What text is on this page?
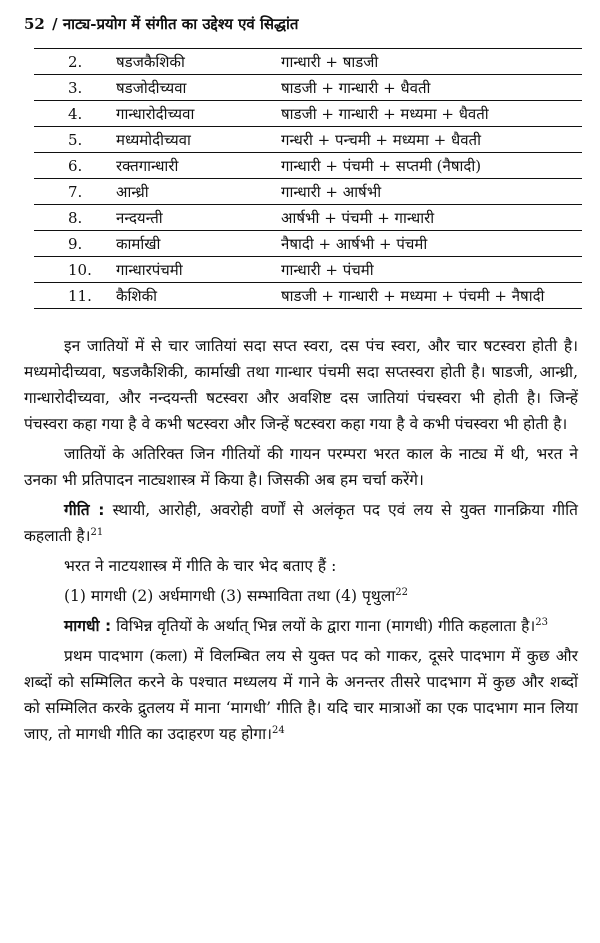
52 / नाट्य-प्रयोग में संगीत का उद्देश्य एवं सिद्धांत
2.	षडजकैशिकी	गान्धारी + षाडजी
3.	षडजोदीच्यवा	षाडजी + गान्धारी + धैवती
4.	गान्धारोदीच्यवा	षाडजी + गान्धारी + मध्यमा + धैवती
5.	मध्यमोदीच्यवा	गन्धरी + पन्चमी + मध्यमा + धैवती
6.	रक्तगान्धारी	गान्धारी + पंचमी + सप्तमी (नैषादी)
7.	आन्ध्री	गान्धारी + आर्षभी
8.	नन्दयन्ती	आर्षभी + पंचमी + गान्धारी
9.	कार्माखी	नैषादी + आर्षभी + पंचमी
10.	गान्धारपंचमी	गान्धारी + पंचमी
11.	कैशिकी	षाडजी + गान्धारी + मध्यमा + पंचमी + नैषादी

इन जातियों में से चार जातियां सदा सप्त स्वरा, दस पंच स्वरा, और चार षटस्वरा होती है। मध्यमोदीच्यवा, षडजकैशिकी, कार्माखी तथा गान्धार पंचमी सदा सप्तस्वरा होती है। षाडजी, आन्ध्री, गान्धारोदीच्यवा, और नन्दयन्ती षटस्वरा और अवशिष्ट दस जातियां पंचस्वरा भी होती है। जिन्हें पंचस्वरा कहा गया है वे कभी षटस्वरा और जिन्हें षटस्वरा कहा गया है वे कभी पंचस्वरा भी होती है।

जातियों के अतिरिक्त जिन गीतियों की गायन परम्परा भरत काल के नाट्य में थी, भरत ने उनका भी प्रतिपादन नाट्यशास्त्र में किया है। जिसकी अब हम चर्चा करेंगे।

गीति : स्थायी, आरोही, अवरोही वर्णों से अलंकृत पद एवं लय से युक्त गानक्रिया गीति कहलाती है।$^{21}$

भरत ने नाटयशास्त्र में गीति के चार भेद बताए हैं :

(1) मागधी (2) अर्धमागधी (3) सम्भाविता तथा (4) पृथुला$^{22}$

मागधी : विभिन्न वृतियों के अर्थात् भिन्न लयों के द्वारा गाना (मागधी) गीति कहलाता है।$^{23}$

प्रथम पादभाग (कला) में विलम्बित लय से युक्त पद को गाकर, दूसरे पादभाग में कुछ और शब्दों को सम्मिलित करने के पश्चात मध्यलय में गाने के अनन्तर तीसरे पादभाग में कुछ और शब्दों को सम्मिलित करके द्रुतलय में माना ‘मागधी’ गीति है। यदि चार मात्राओं का एक पादभाग मान लिया जाए, तो मागधी गीति का उदाहरण यह होगा।$^{24}$
